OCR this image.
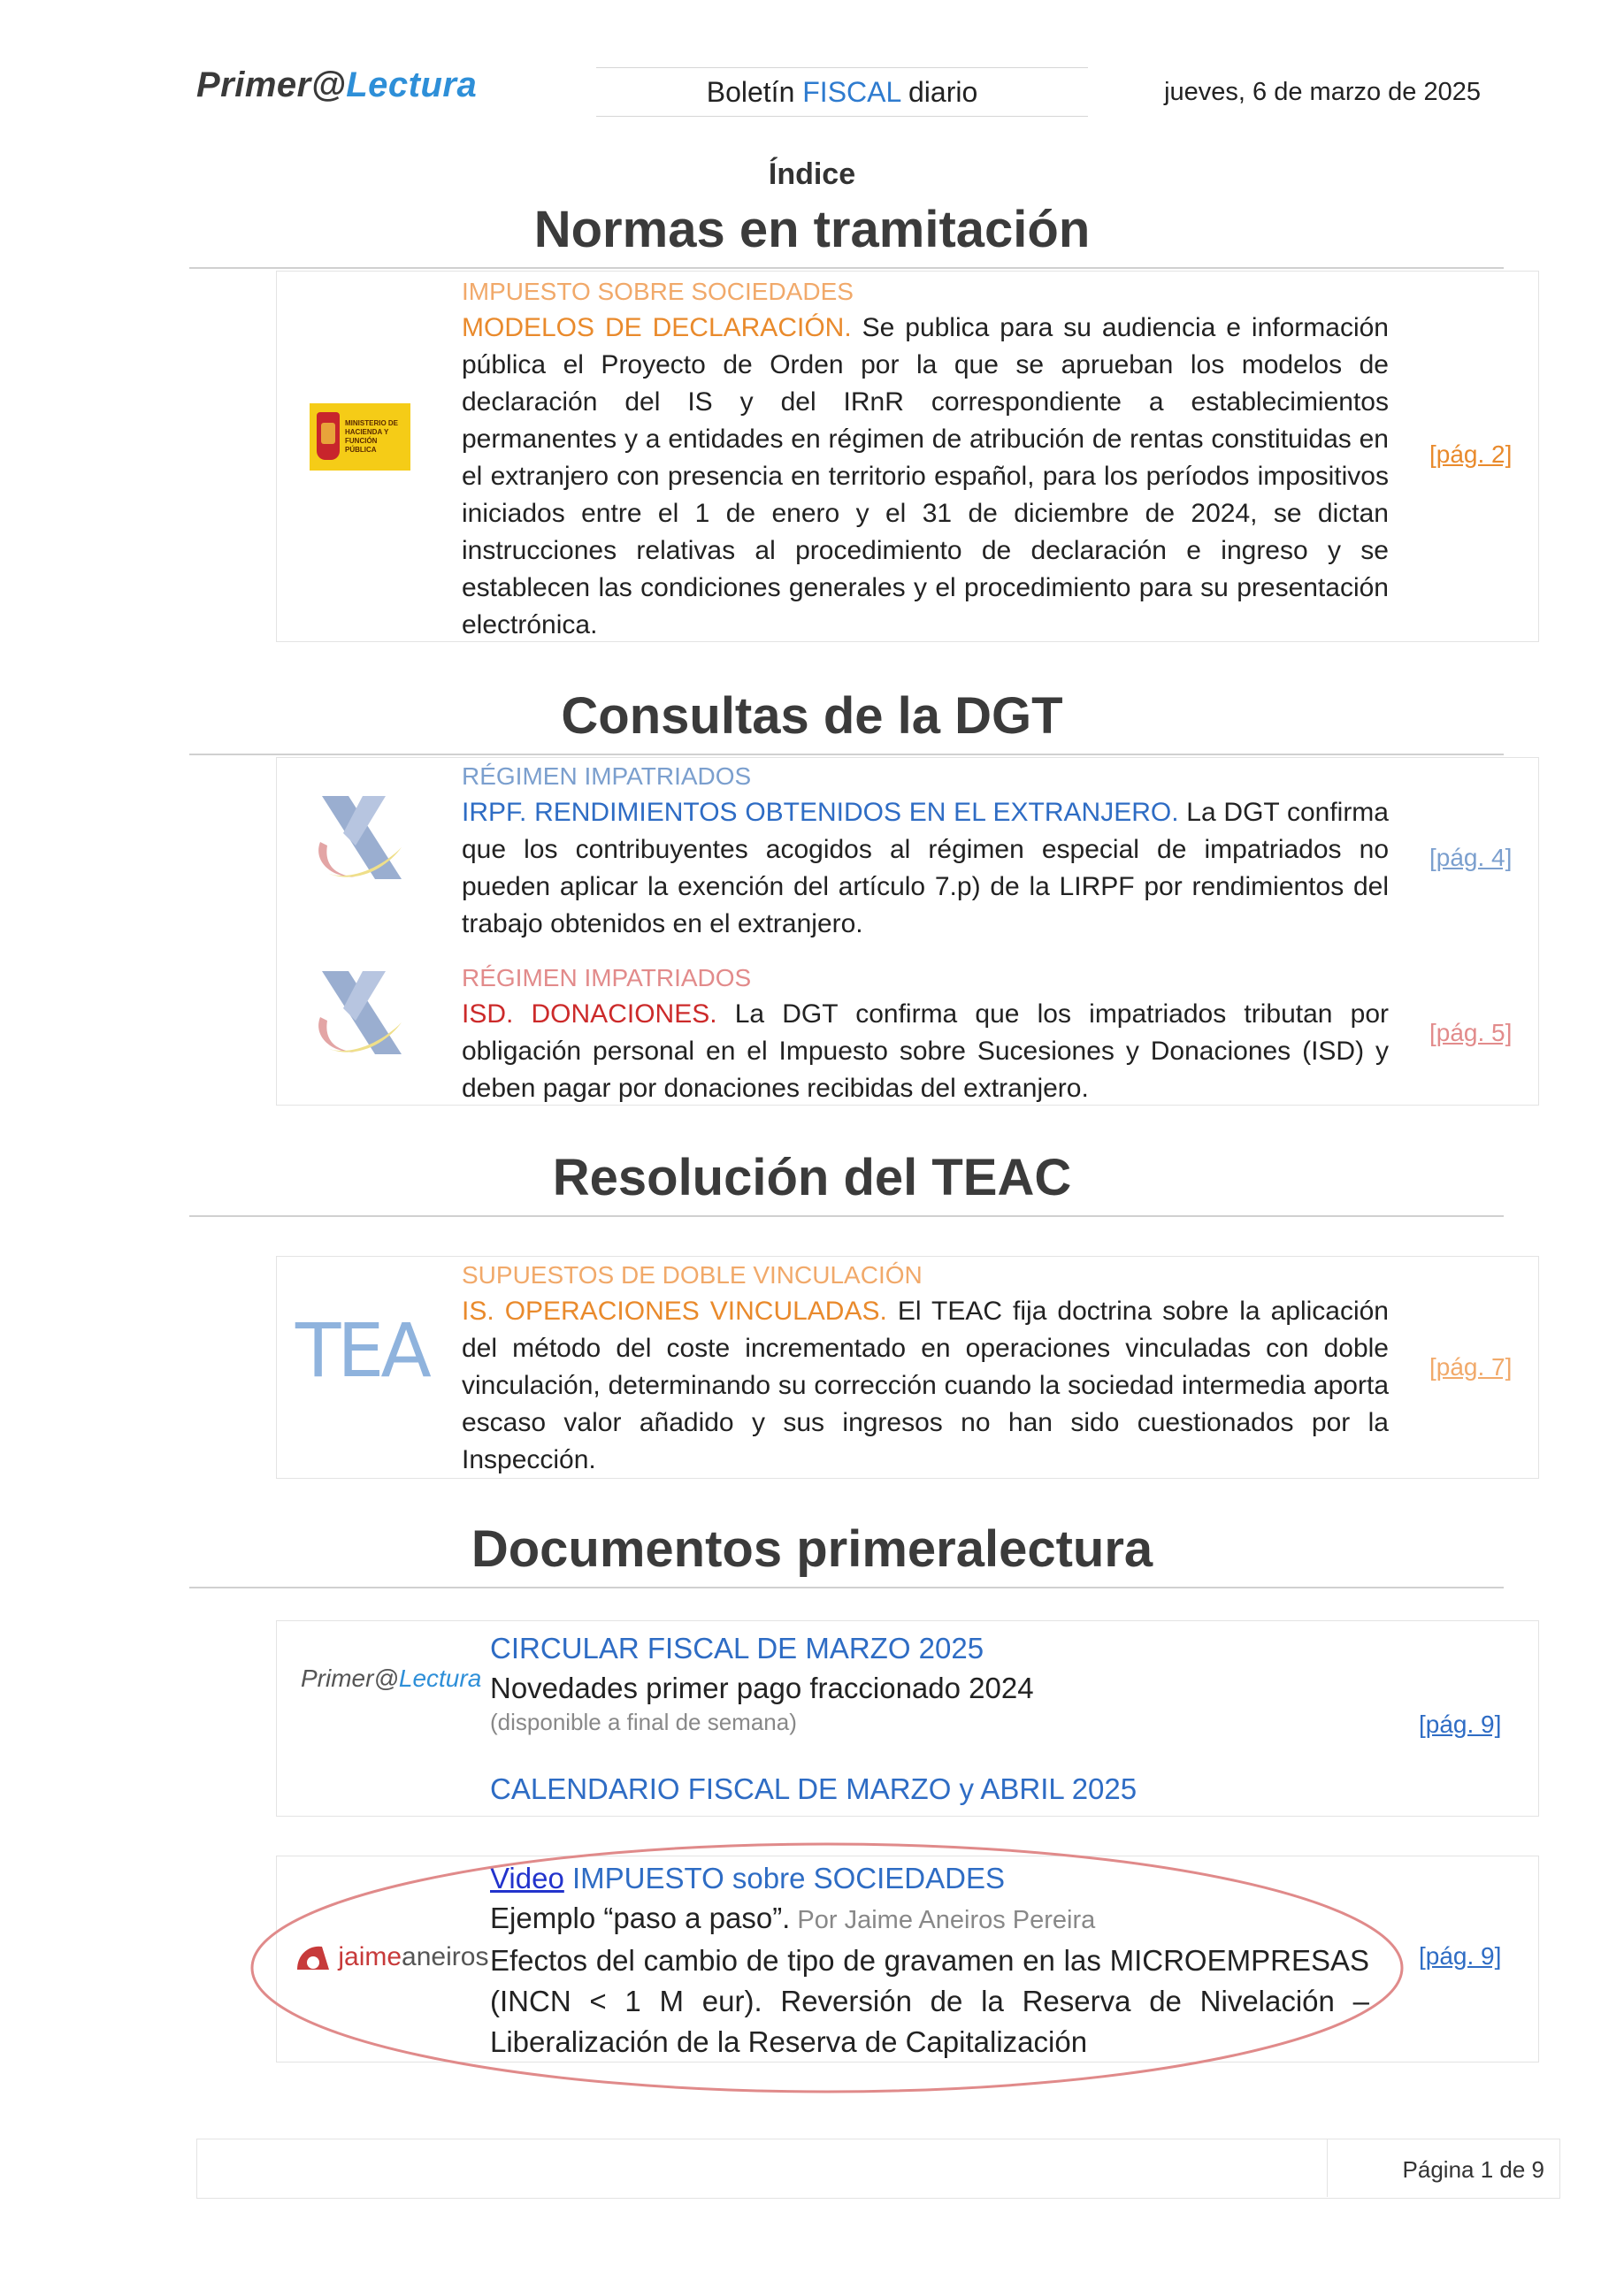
Primer@Lectura	Boletín FISCAL diario	jueves, 6 de marzo de 2025
Índice
Normas en tramitación
MINISTERIO DE HACIENDA Y FUNCIÓN PÚBLICA
IMPUESTO SOBRE SOCIEDADES
MODELOS DE DECLARACIÓN. Se publica para su audiencia e información pública el Proyecto de Orden por la que se aprueban los modelos de declaración del IS y del IRnR correspondiente a establecimientos permanentes y a entidades en régimen de atribución de rentas constituidas en el extranjero con presencia en territorio español, para los períodos impositivos iniciados entre el 1 de enero y el 31 de diciembre de 2024, se dictan instrucciones relativas al procedimiento de declaración e ingreso y se establecen las condiciones generales y el procedimiento para su presentación electrónica.
[pág. 2]
Consultas de la DGT
RÉGIMEN IMPATRIADOS
IRPF. RENDIMIENTOS OBTENIDOS EN EL EXTRANJERO. La DGT confirma que los contribuyentes acogidos al régimen especial de impatriados no pueden aplicar la exención del artículo 7.p) de la LIRPF por rendimientos del trabajo obtenidos en el extranjero.
[pág. 4]
RÉGIMEN IMPATRIADOS
ISD. DONACIONES. La DGT confirma que los impatriados tributan por obligación personal en el Impuesto sobre Sucesiones y Donaciones (ISD) y deben pagar por donaciones recibidas del extranjero.
[pág. 5]
Resolución del TEAC
TEA
SUPUESTOS DE DOBLE VINCULACIÓN
IS. OPERACIONES VINCULADAS. El TEAC fija doctrina sobre la aplicación del método del coste incrementado en operaciones vinculadas con doble vinculación, determinando su corrección cuando la sociedad intermedia aporta escaso valor añadido y sus ingresos no han sido cuestionados por la Inspección.
[pág. 7]
Documentos primeralectura
Primer@Lectura
CIRCULAR FISCAL DE MARZO 2025
Novedades primer pago fraccionado 2024
(disponible a final de semana)
CALENDARIO FISCAL DE MARZO y ABRIL 2025
[pág. 9]
jaimeaneiros
Video IMPUESTO sobre SOCIEDADES
Ejemplo “paso a paso”. Por Jaime Aneiros Pereira
Efectos del cambio de tipo de gravamen en las MICROEMPRESAS (INCN < 1 M eur). Reversión de la Reserva de Nivelación – Liberalización de la Reserva de Capitalización
[pág. 9]
Página 1 de 9
